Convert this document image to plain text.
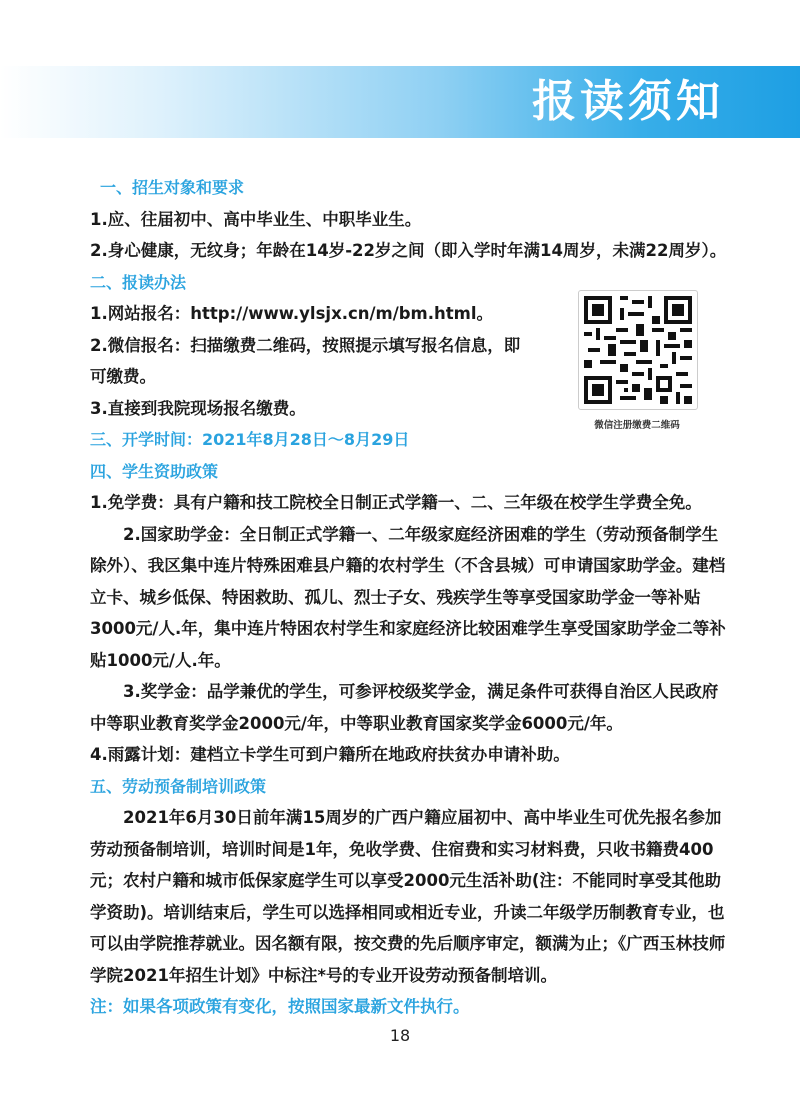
报读须知
一、招生对象和要求

1.应、往届初中、高中毕业生、中职毕业生。

2.身心健康，无纹身；年龄在14岁-22岁之间（即入学时年满14周岁，未满22周岁）。

二、报读办法

1.网站报名：http://www.ylsjx.cn/m/bm.html。

2.微信报名：扫描缴费二维码，按照提示填写报名信息，即可缴费。

3.直接到我院现场报名缴费。

三、开学时间：2021年8月28日～8月29日
四、学生资助政策

1.免学费：具有户籍和技工院校全日制正式学籍一、二、三年级在校学生学费全免。

2.国家助学金：全日制正式学籍一、二年级家庭经济困难的学生（劳动预备制学生除外）、我区集中连片特殊困难县户籍的农村学生（不含县城）可申请国家助学金。建档立卡、城乡低保、特困救助、孤儿、烈士子女、残疾学生等享受国家助学金一等补贴3000元/人.年，集中连片特困农村学生和家庭经济比较困难学生享受国家助学金二等补贴1000元/人.年。

3.奖学金：品学兼优的学生，可参评校级奖学金，满足条件可获得自治区人民政府中等职业教育奖学金2000元/年，中等职业教育国家奖学金6000元/年。

4.雨露计划：建档立卡学生可到户籍所在地政府扶贫办申请补助。

五、劳动预备制培训政策

2021年6月30日前年满15周岁的广西户籍应届初中、高中毕业生可优先报名参加劳动预备制培训，培训时间是1年，免收学费、住宿费和实习材料费，只收书籍费400元；农村户籍和城市低保家庭学生可以享受2000元生活补助(注：不能同时享受其他助学资助)。培训结束后，学生可以选择相同或相近专业，升读二年级学历制教育专业，也可以由学院推荐就业。因名额有限，按交费的先后顺序审定，额满为止；《广西玉林技师学院2021年招生计划》中标注*号的专业开设劳动预备制培训。

注：如果各项政策有变化，按照国家最新文件执行。

微信注册缴费二维码
18
